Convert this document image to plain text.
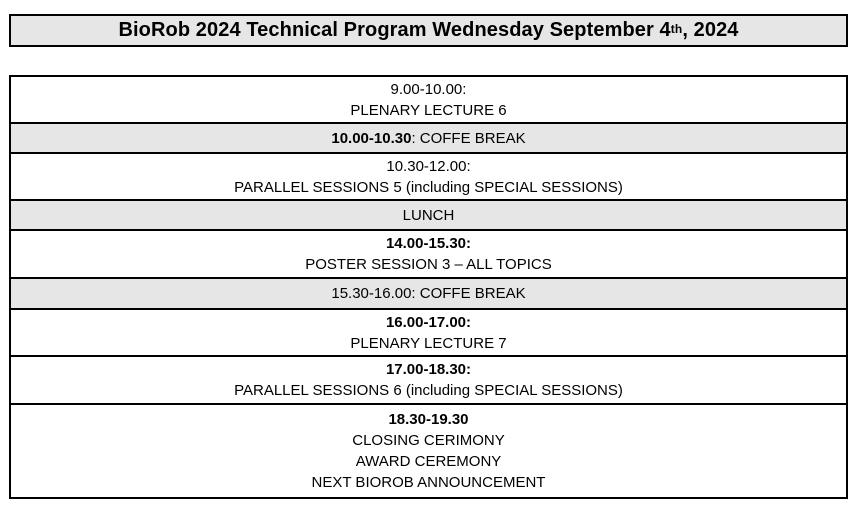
BioRob 2024 Technical Program Wednesday September 4th , 2024
9.00-10.00:
PLENARY LECTURE 6
10.00-10.30: COFFE BREAK
10.30-12.00:
PARALLEL SESSIONS 5 (including SPECIAL SESSIONS)
LUNCH
14.00-15.30:
POSTER SESSION 3 – ALL TOPICS
15.30-16.00: COFFE BREAK
16.00-17.00:
PLENARY LECTURE 7
17.00-18.30:
PARALLEL SESSIONS 6 (including SPECIAL SESSIONS)
18.30-19.30
CLOSING CERIMONY
AWARD CEREMONY
NEXT BIOROB ANNOUNCEMENT
